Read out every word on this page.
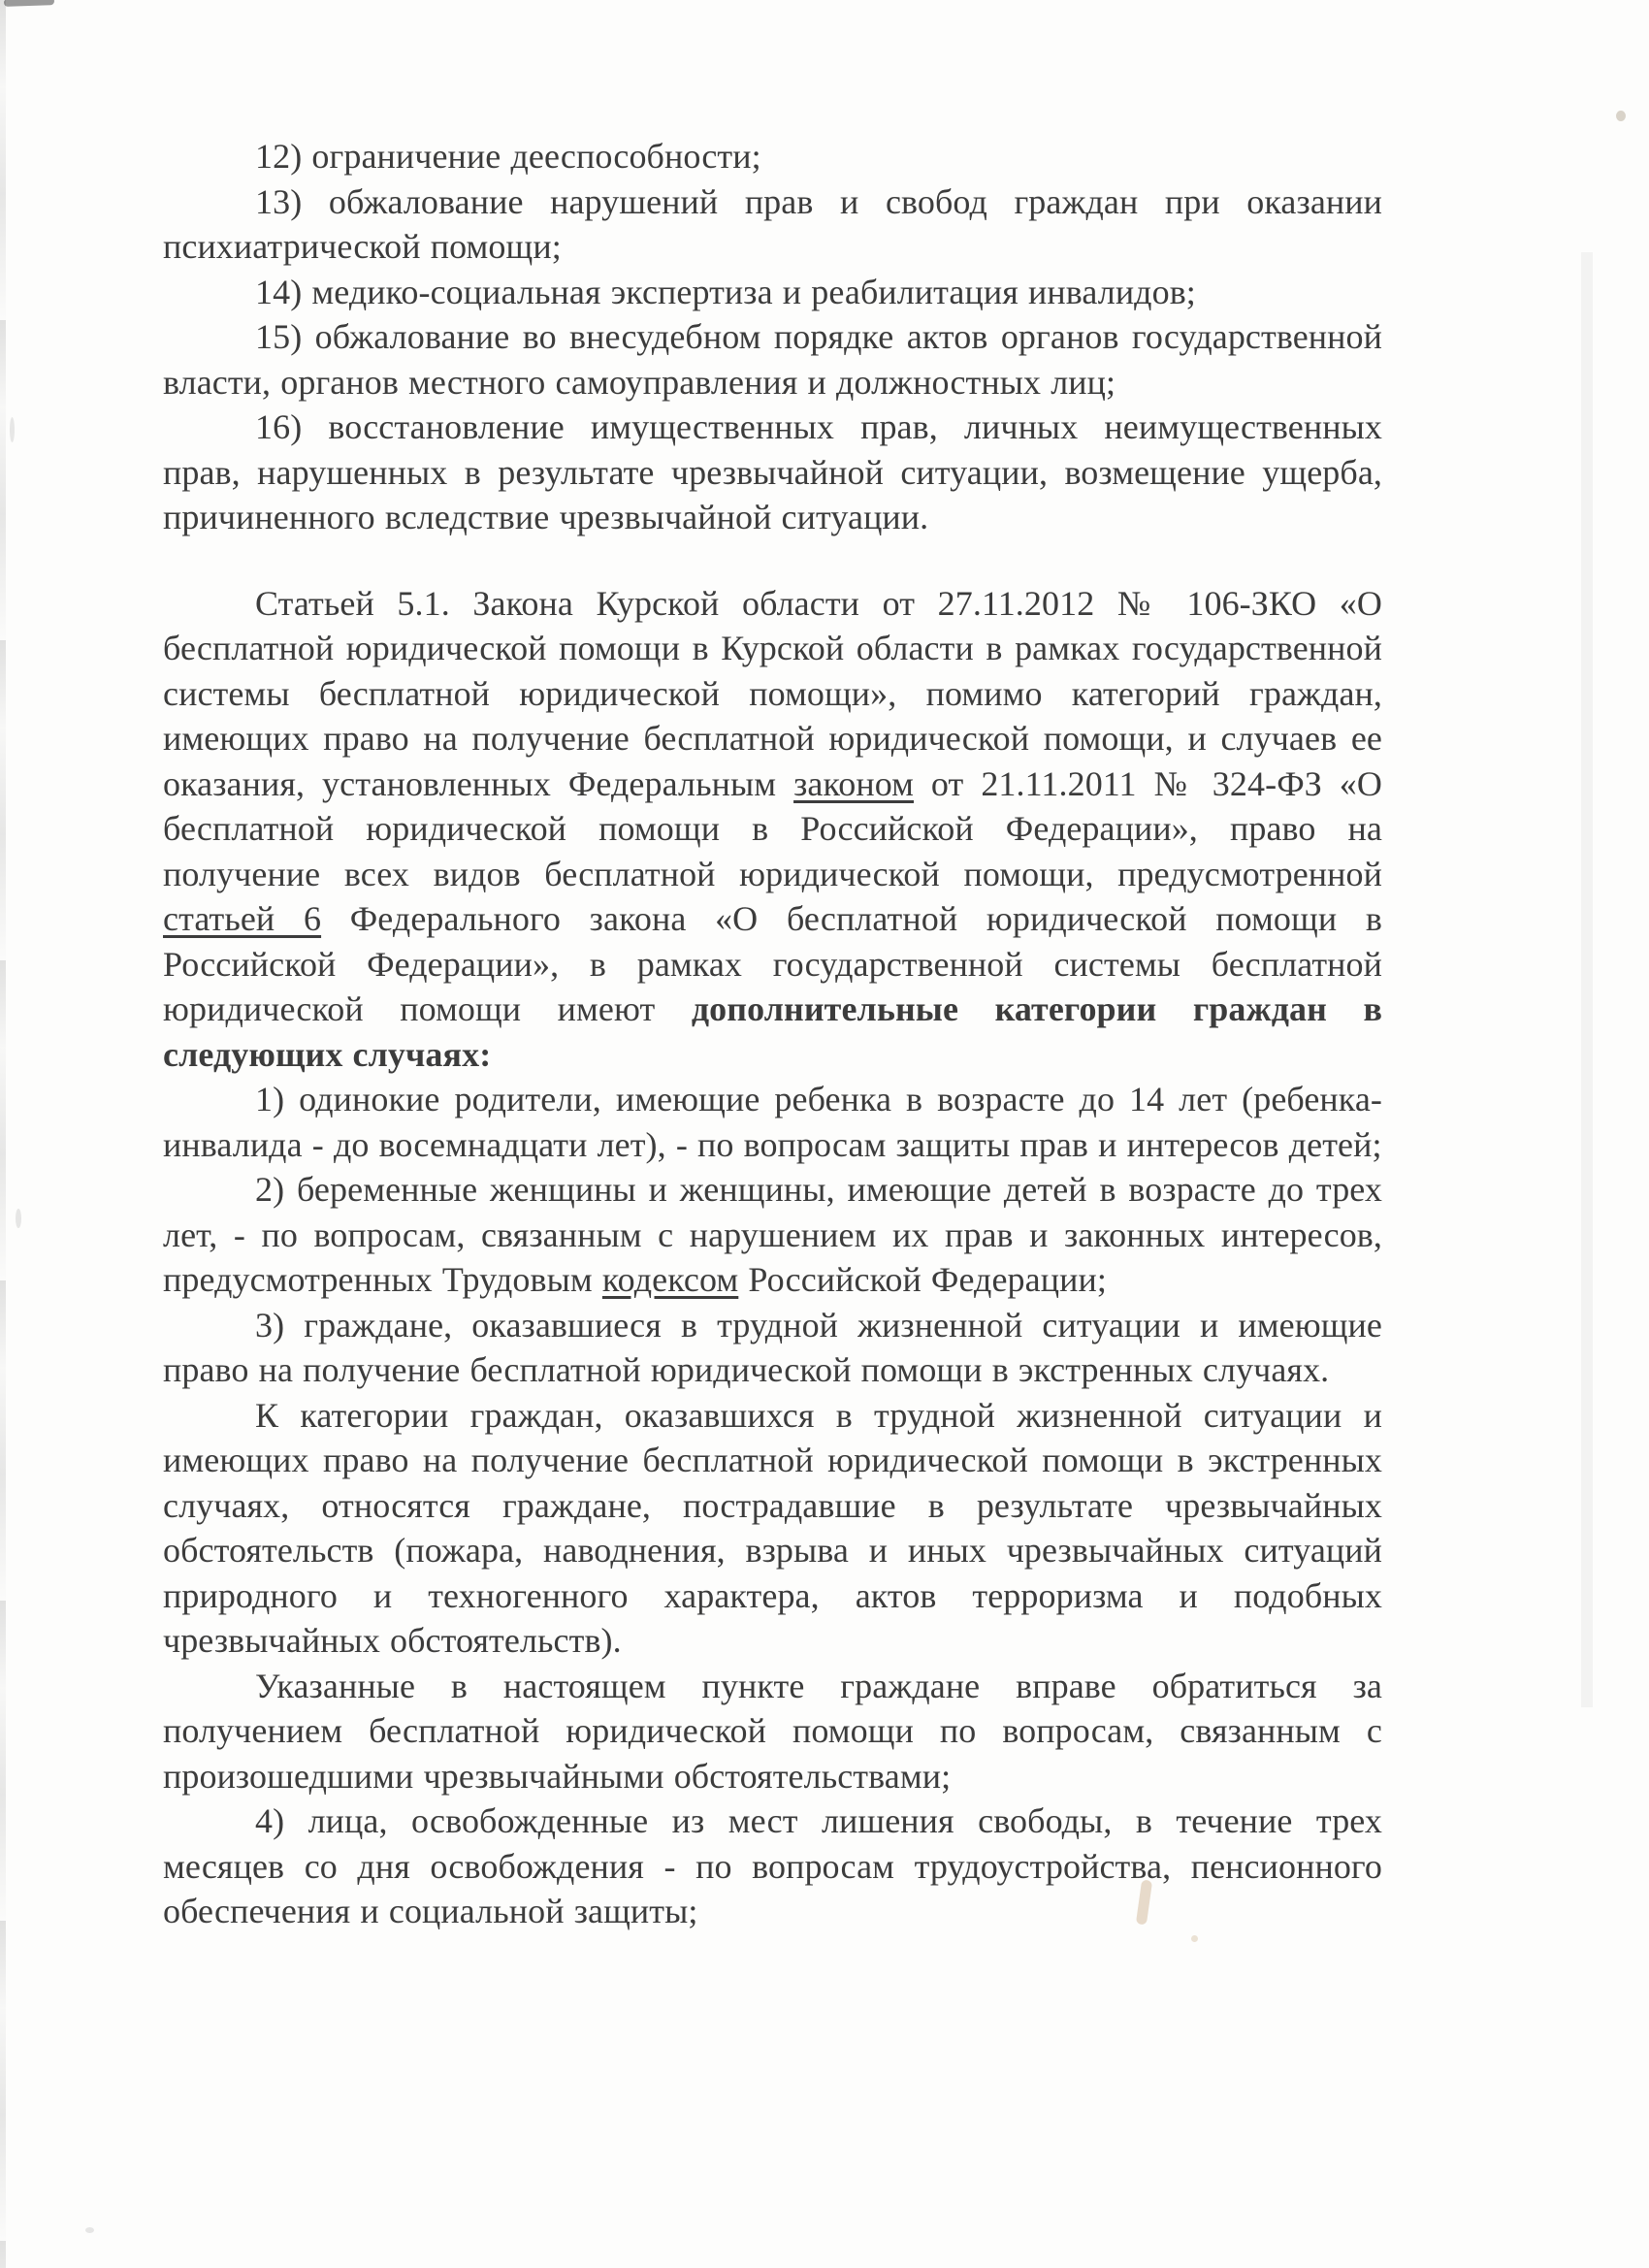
12) ограничение дееспособности;

13) обжалование нарушений прав и свобод граждан при оказании психиатрической помощи;

14) медико-социальная экспертиза и реабилитация инвалидов;

15) обжалование во внесудебном порядке актов органов государственной власти, органов местного самоуправления и должностных лиц;

16) восстановление имущественных прав, личных неимущественных прав, нарушенных в результате чрезвычайной ситуации, возмещение ущерба, причиненного вследствие чрезвычайной ситуации.

Статьей 5.1. Закона Курской области от 27.11.2012 № 106-ЗКО «О бесплатной юридической помощи в Курской области в рамках государственной системы бесплатной юридической помощи», помимо категорий граждан, имеющих право на получение бесплатной юридической помощи, и случаев ее оказания, установленных Федеральным законом от 21.11.2011 № 324-ФЗ «О бесплатной юридической помощи в Российской Федерации», право на получение всех видов бесплатной юридической помощи, предусмотренной статьей 6 Федерального закона «О бесплатной юридической помощи в Российской Федерации», в рамках государственной системы бесплатной юридической помощи имеют дополнительные категории граждан в следующих случаях:

1) одинокие родители, имеющие ребенка в возрасте до 14 лет (ребенка-инвалида - до восемнадцати лет), - по вопросам защиты прав и интересов детей;

2) беременные женщины и женщины, имеющие детей в возрасте до трех лет, - по вопросам, связанным с нарушением их прав и законных интересов, предусмотренных Трудовым кодексом Российской Федерации;

3) граждане, оказавшиеся в трудной жизненной ситуации и имеющие право на получение бесплатной юридической помощи в экстренных случаях.

К категории граждан, оказавшихся в трудной жизненной ситуации и имеющих право на получение бесплатной юридической помощи в экстренных случаях, относятся граждане, пострадавшие в результате чрезвычайных обстоятельств (пожара, наводнения, взрыва и иных чрезвычайных ситуаций природного и техногенного характера, актов терроризма и подобных чрезвычайных обстоятельств).

Указанные в настоящем пункте граждане вправе обратиться за получением бесплатной юридической помощи по вопросам, связанным с произошедшими чрезвычайными обстоятельствами;

4) лица, освобожденные из мест лишения свободы, в течение трех месяцев со дня освобождения - по вопросам трудоустройства, пенсионного обеспечения и социальной защиты;
